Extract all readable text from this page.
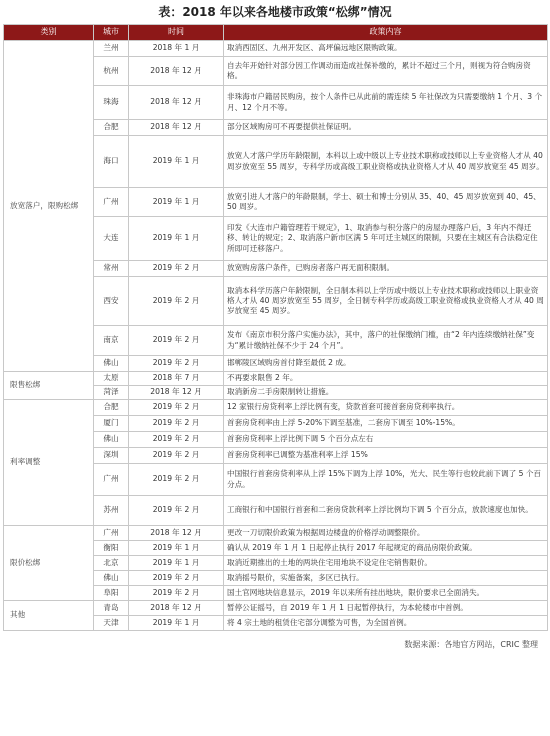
表：2018 年以来各地楼市政策“松绑”情况
类别	城市	时间	政策内容
放宽落户，限购松绑	兰州	2018 年 1 月	取消西固区、九州开发区、高坪偏远地区限购政策。
	杭州	2018 年 12 月	自去年开始针对部分因工作调动而造成社保补缴的，累计不超过三个月，则视为符合购房资格。
	珠海	2018 年 12 月	非珠海市户籍居民购房，按个人条件已从此前的需连续 5 年社保改为只需要缴纳 1 个月、3 个月、12 个月不等。
	合肥	2018 年 12 月	部分区域购房可不再要提供社保证明。
	海口	2019 年 1 月	放宽人才落户学历年龄限制，本科以上或中级以上专业技术职称或技师以上专业资格人才从 40 周岁放宽至 55 周岁，专科学历或高级工职业资格或执业资格人才从 40 周岁放宽至 45 周岁。
	广州	2019 年 1 月	放宽引进人才落户的年龄限制，学士、硕士和博士分别从 35、40、45 周岁放宽到 40、45、50 周岁。
	大连	2019 年 1 月	印发《大连市户籍管理若干规定》，1、取消参与积分落户的房屋办理落户后，3 年内不得迁移、转让的规定；2、取消落户新市区满 5 年可迁主城区的限制，只要在主城区有合法稳定住所即可迁移落户。
	常州	2019 年 2 月	放宽购房落户条件，已购房者落户再无面积限制。
	西安	2019 年 2 月	取消本科学历落户年龄限制，全日制本科以上学历或中级以上专业技术职称或技师以上职业资格人才从 40 周岁放宽至 55 周岁，全日制专科学历或高级工职业资格或执业资格人才从 40 周岁放宽至 45 周岁。
	南京	2019 年 2 月	发布《南京市积分落户实施办法》，其中，落户的社保缴纳门槛，由“2 年内连续缴纳社保”变为“累计缴纳社保不少于 24 个月”。
	佛山	2019 年 2 月	邯郸陵区域购房首付降至最低 2 成。
限售松绑	太原	2018 年 7 月	不再要求限售 2 年。
	菏泽	2018 年 12 月	取消新房二手房限制转让措施。
利率调整	合肥	2019 年 2 月	12 家银行房贷利率上浮比例有变，贷款首套可接首套房贷利率执行。
	厦门	2019 年 2 月	首套房贷利率由上浮 5-20%下调至基准，二套房下调至 10%-15%。
	佛山	2019 年 2 月	首套房贷利率上浮比例下调 5 个百分点左右
	深圳	2019 年 2 月	首套房贷利率已调整为基准利率上浮 15%
	广州	2019 年 2 月	中国银行首套房贷利率从上浮 15%下调为上浮 10%，光大、民生等行也较此前下调了 5 个百分点。
	苏州	2019 年 2 月	工商银行和中国银行首套和二套房贷款利率上浮比例均下调 5 个百分点，放款速度也加快。
限价松绑	广州	2018 年 12 月	更改一刀切限价政策为根据周边楼盘的价格浮动调整限价。
	衡阳	2019 年 1 月	确认从 2019 年 1 月 1 日起停止执行 2017 年起规定的商品房限价政策。
	北京	2019 年 1 月	取消近期推出的土地的两块住宅用地块不设定住宅销售限价。
	佛山	2019 年 2 月	取消摇号限价，实施备案，多区已执行。
	阜阳	2019 年 2 月	国土官网地块信息显示，2019 年以来所有挂出地块，限价要求已全面消失。
其他	青岛	2018 年 12 月	暂停公证摇号，自 2019 年 1 月 1 日起暂停执行，为本轮楼市中首例。
	天津	2019 年 1 月	将 4 宗土地的租赁住宅部分调整为可售，为全国首例。
数据来源：各地官方网站，CRIC 整理
